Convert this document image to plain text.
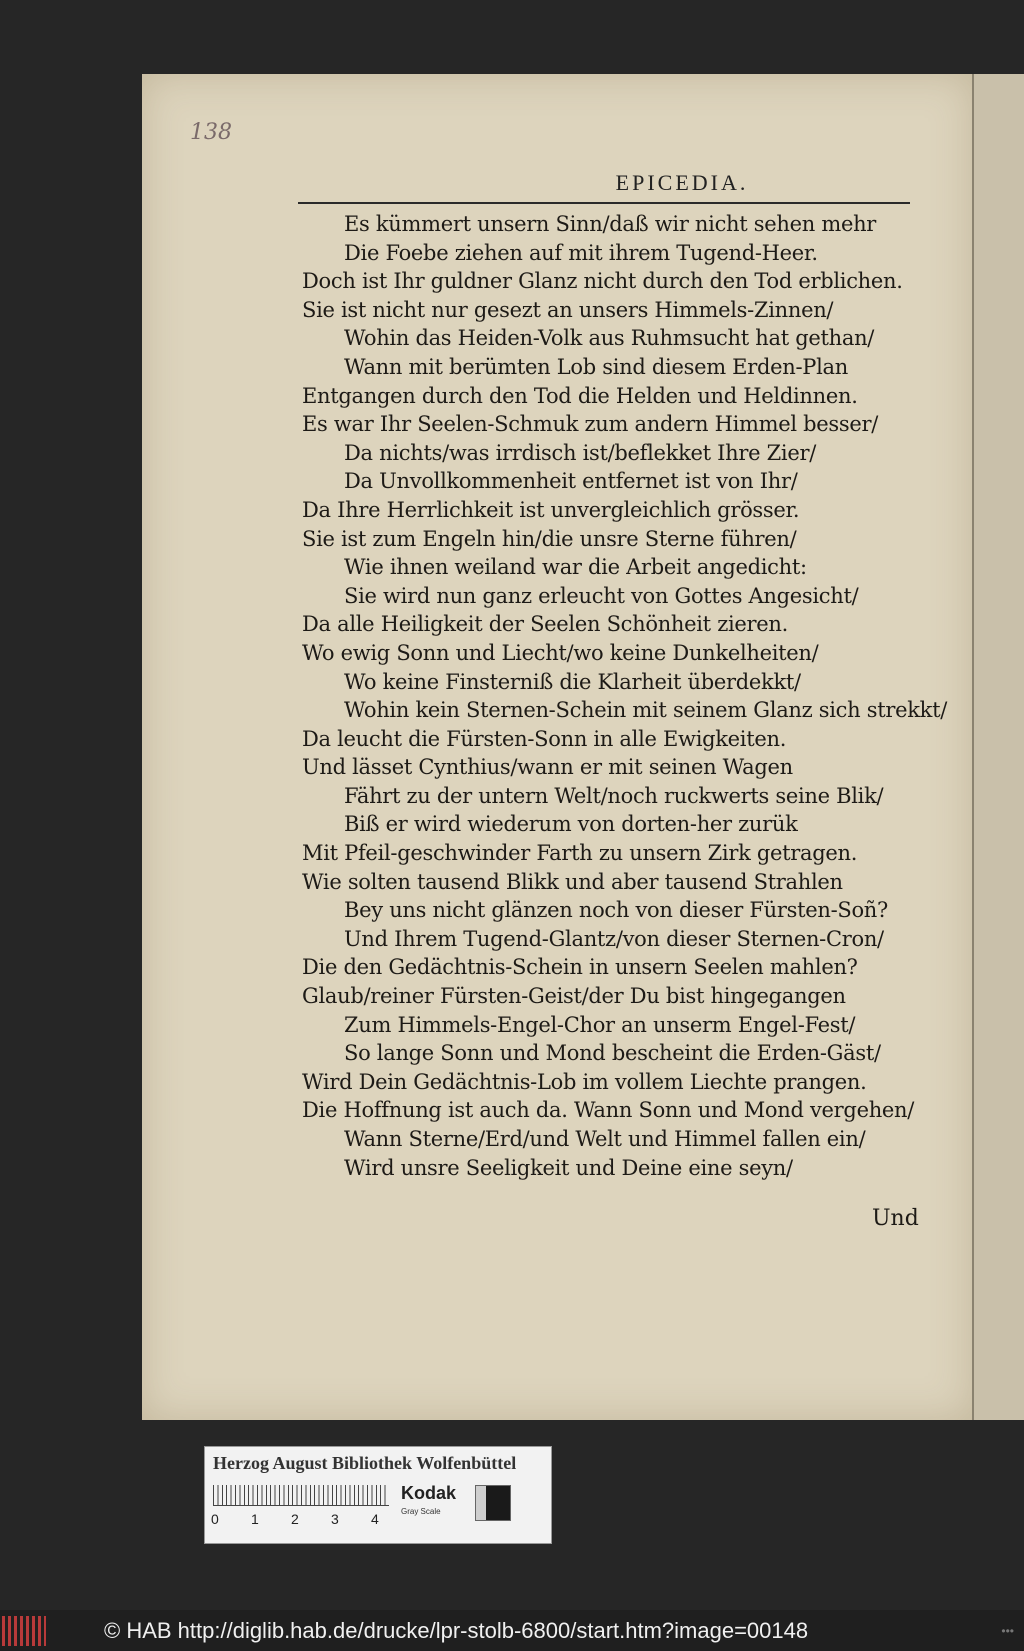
138
EPICEDIA.
Es kümmert unsern Sinn/daß wir nicht sehen mehr
Die Foebe ziehen auf mit ihrem Tugend-Heer.
Doch ist Ihr guldner Glanz nicht durch den Tod erblichen.
Sie ist nicht nur gesezt an unsers Himmels-Zinnen/
Wohin das Heiden-Volk aus Ruhmsucht hat gethan/
Wann mit berümten Lob sind diesem Erden-Plan
Entgangen durch den Tod die Helden und Heldinnen.
Es war Ihr Seelen-Schmuk zum andern Himmel besser/
Da nichts/was irrdisch ist/beflekket Ihre Zier/
Da Unvollkommenheit entfernet ist von Ihr/
Da Ihre Herrlichkeit ist unvergleichlich grösser.
Sie ist zum Engeln hin/die unsre Sterne führen/
Wie ihnen weiland war die Arbeit angedicht:
Sie wird nun ganz erleucht von Gottes Angesicht/
Da alle Heiligkeit der Seelen Schönheit zieren.
Wo ewig Sonn und Liecht/wo keine Dunkelheiten/
Wo keine Finsterniß die Klarheit überdekkt/
Wohin kein Sternen-Schein mit seinem Glanz sich strekkt/
Da leucht die Fürsten-Sonn in alle Ewigkeiten.
Und lässet Cynthius/wann er mit seinen Wagen
Fährt zu der untern Welt/noch ruckwerts seine Blik/
Biß er wird wiederum von dorten-her zurük
Mit Pfeil-geschwinder Farth zu unsern Zirk getragen.
Wie solten tausend Blikk und aber tausend Strahlen
Bey uns nicht glänzen noch von dieser Fürsten-Soñ?
Und Ihrem Tugend-Glantz/von dieser Sternen-Cron/
Die den Gedächtnis-Schein in unsern Seelen mahlen?
Glaub/reiner Fürsten-Geist/der Du bist hingegangen
Zum Himmels-Engel-Chor an unserm Engel-Fest/
So lange Sonn und Mond bescheint die Erden-Gäst/
Wird Dein Gedächtnis-Lob im vollem Liechte prangen.
Die Hoffnung ist auch da. Wann Sonn und Mond vergehen/
Wann Sterne/Erd/und Welt und Himmel fallen ein/
Wird unsre Seeligkeit und Deine eine seyn/
Und
Herzog August Bibliothek Wolfenbüttel
0	1	2	3	4
Kodak
Gray Scale
© HAB http://diglib.hab.de/drucke/lpr-stolb-6800/start.htm?image=00148	•••
